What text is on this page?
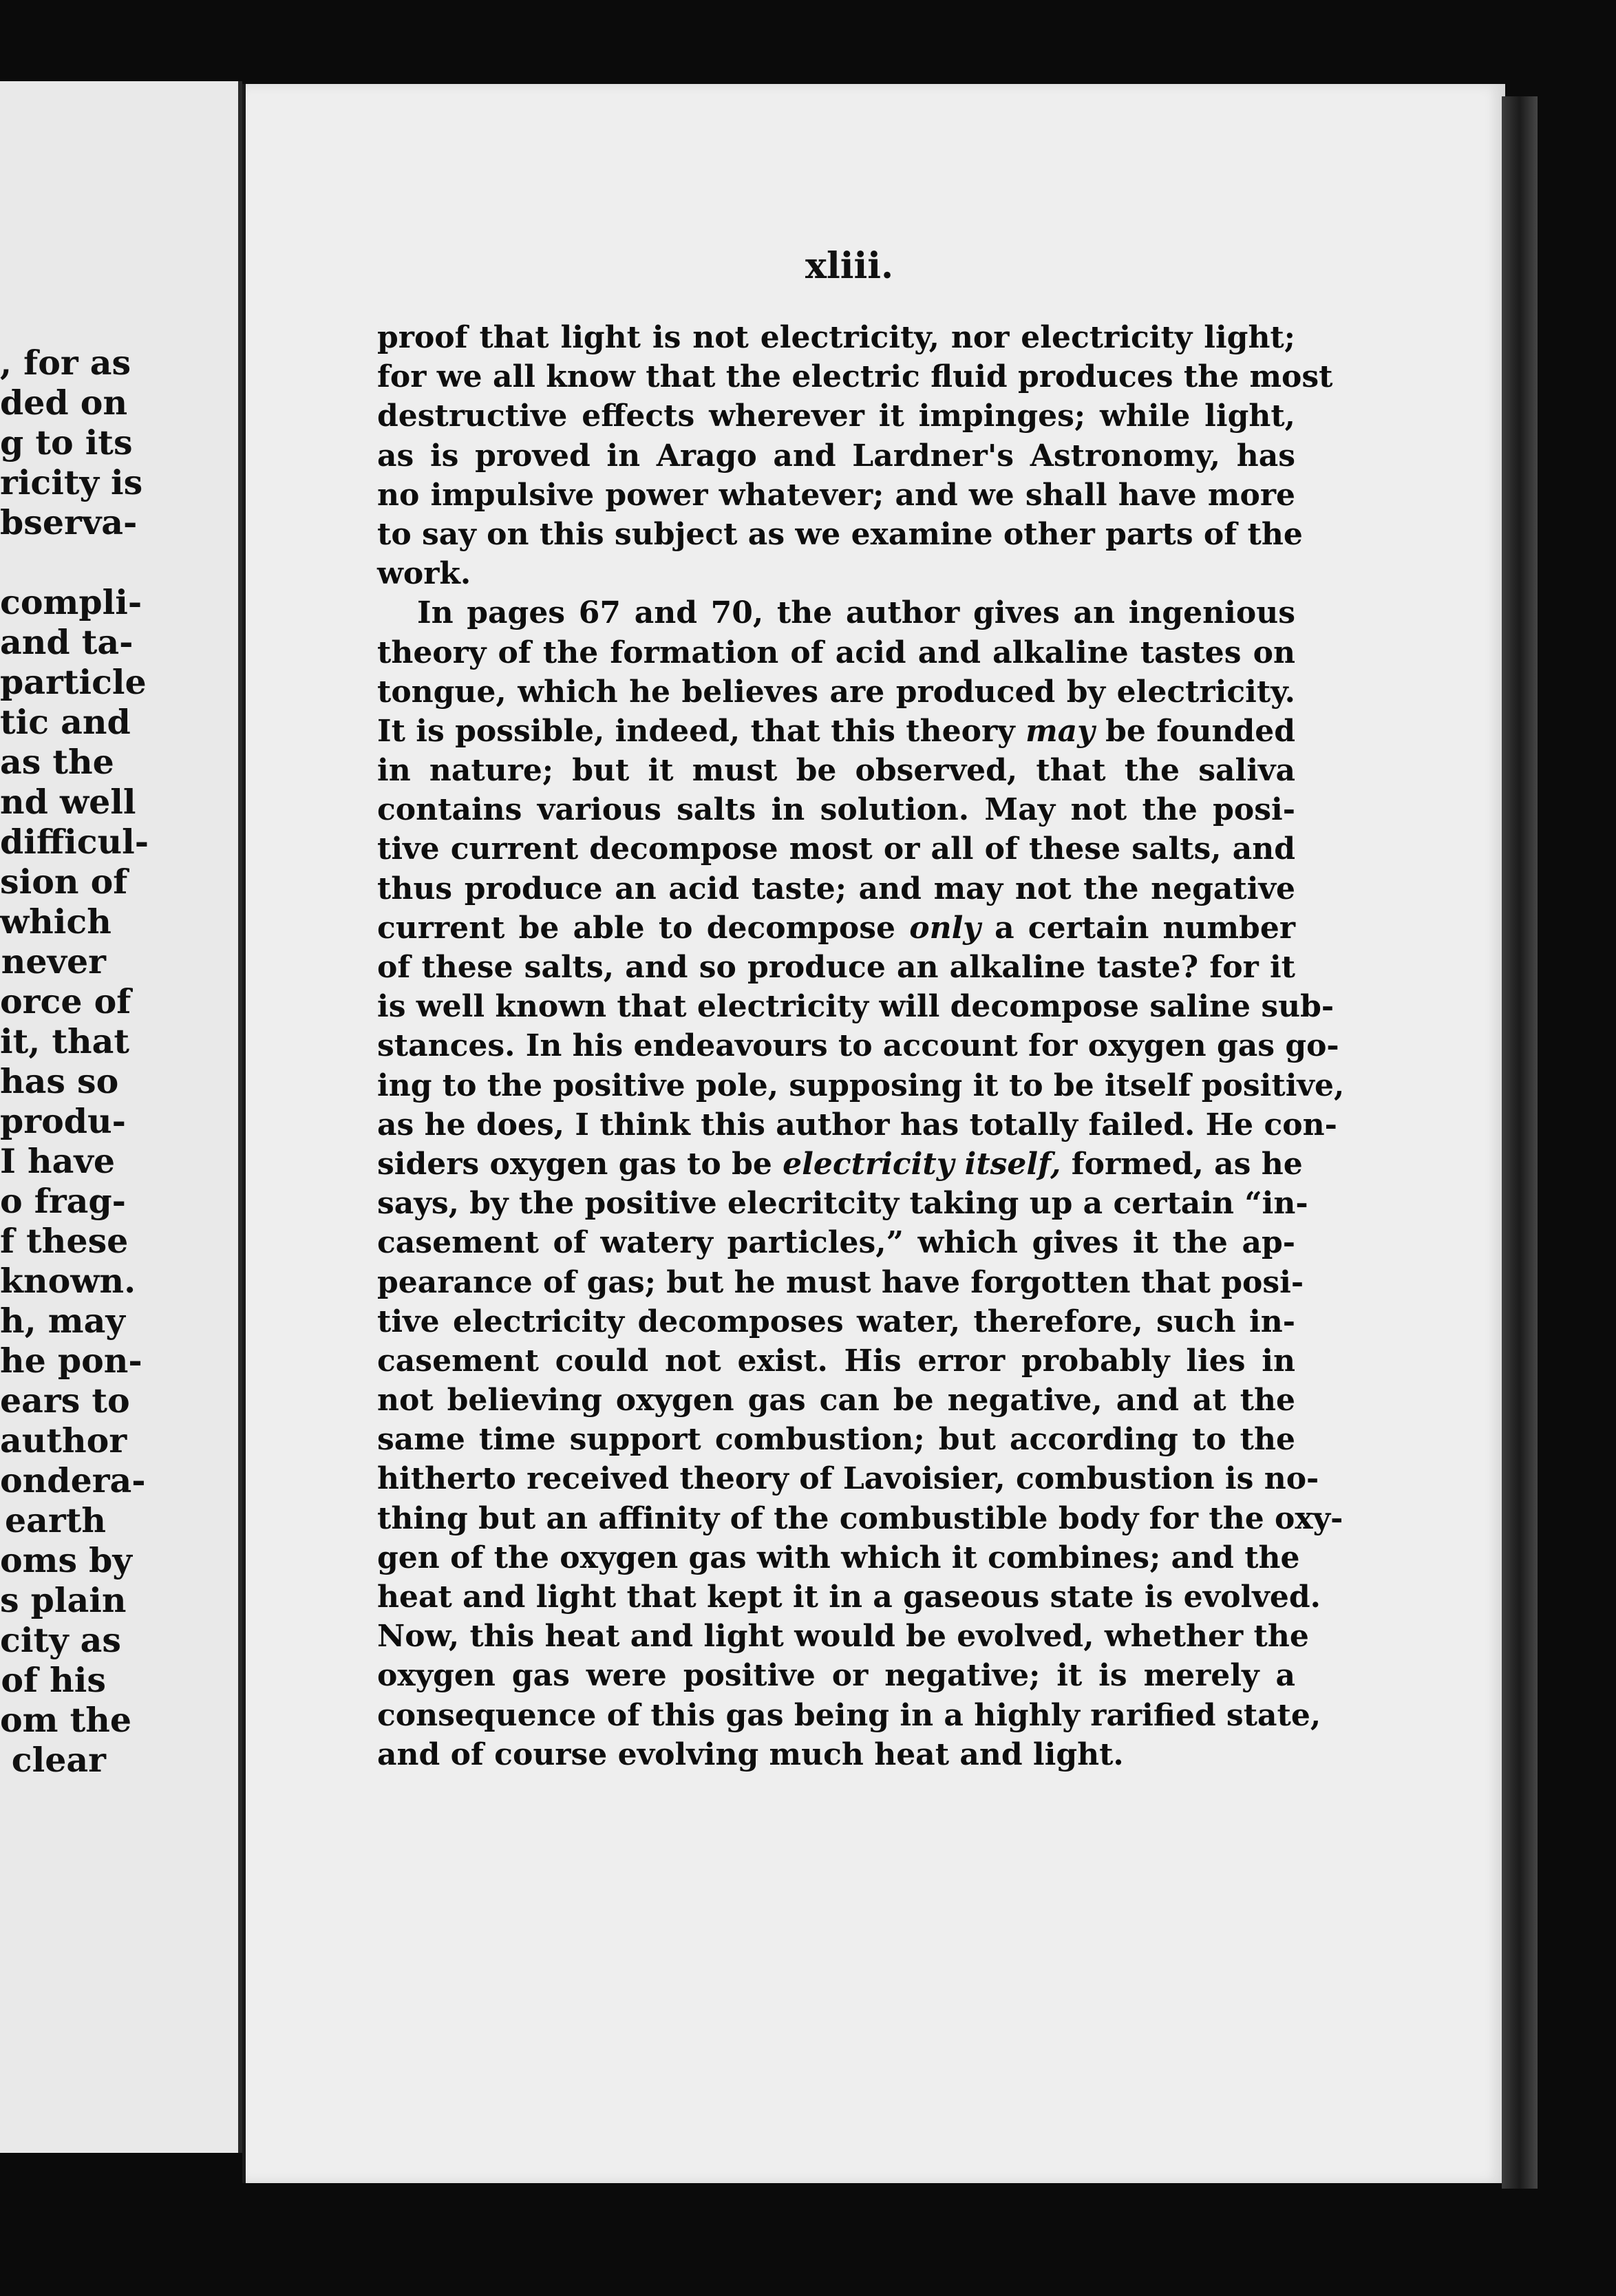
, for as
ded on
g to its
ricity is
bserva-
compli-
and ta-
particle
tic and
as the
nd well
difficul-
sion of
which
never
orce of
it, that
has so
produ-
I have
o frag-
f these
known.
h, may
he pon-
ears to
author
ondera-
earth
oms by
s plain
city as
of his
om the
clear
xliii.
proof that light is not electricity, nor electricity light;
for we all know that the electric fluid produces the most
destructive effects wherever it impinges; while light,
as is proved in Arago and Lardner's Astronomy, has
no impulsive power whatever; and we shall have more
to say on this subject as we examine other parts of the
work.
In pages 67 and 70, the author gives an ingenious
theory of the formation of acid and alkaline tastes on
tongue, which he believes are produced by electricity.
It is possible, indeed, that this theory may be founded
in nature; but it must be observed, that the saliva
contains various salts in solution. May not the posi-
tive current decompose most or all of these salts, and
thus produce an acid taste; and may not the negative
current be able to decompose only a certain number
of these salts, and so produce an alkaline taste? for it
is well known that electricity will decompose saline sub-
stances. In his endeavours to account for oxygen gas go-
ing to the positive pole, supposing it to be itself positive,
as he does, I think this author has totally failed. He con-
siders oxygen gas to be electricity itself, formed, as he
says, by the positive elecritcity taking up a certain “in-
casement of watery particles,” which gives it the ap-
pearance of gas; but he must have forgotten that posi-
tive electricity decomposes water, therefore, such in-
casement could not exist. His error probably lies in
not believing oxygen gas can be negative, and at the
same time support combustion; but according to the
hitherto received theory of Lavoisier, combustion is no-
thing but an affinity of the combustible body for the oxy-
gen of the oxygen gas with which it combines; and the
heat and light that kept it in a gaseous state is evolved.
Now, this heat and light would be evolved, whether the
oxygen gas were positive or negative; it is merely a
consequence of this gas being in a highly rarified state,
and of course evolving much heat and light.
